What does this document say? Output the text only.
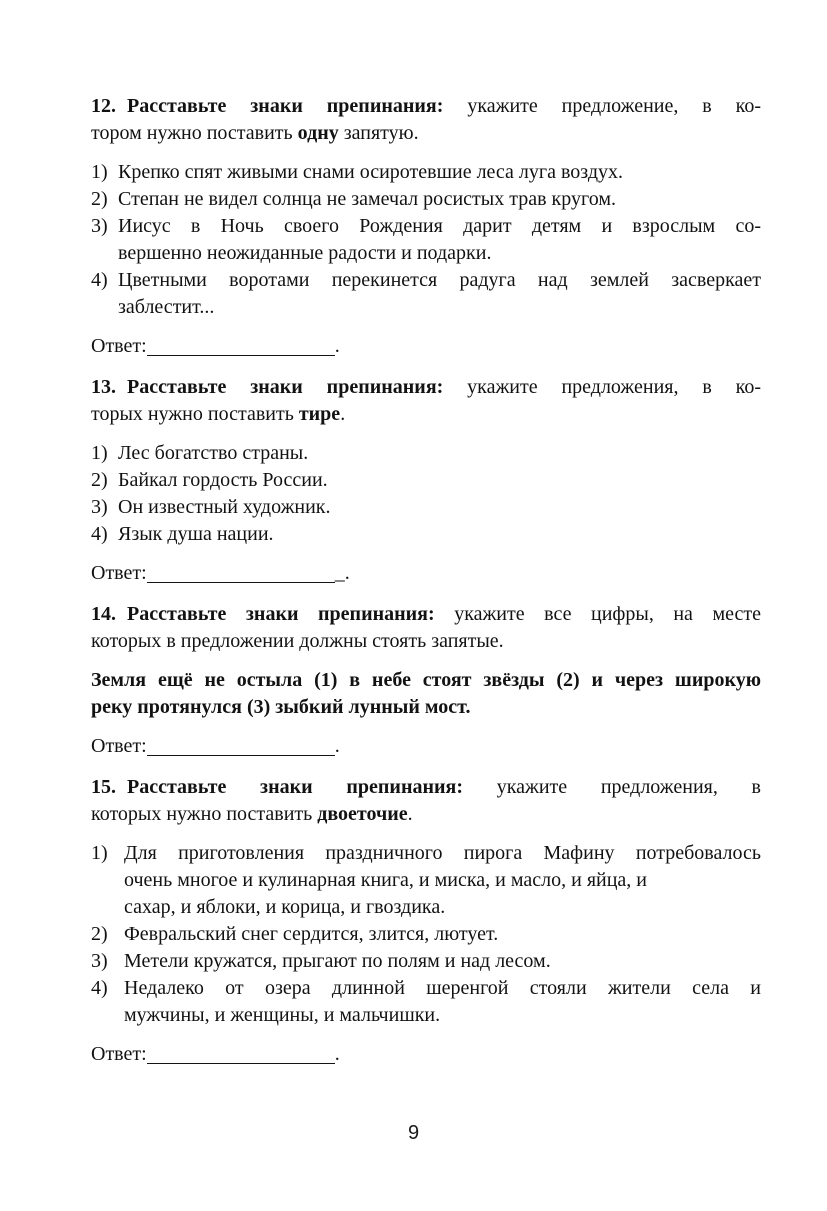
12. Расставьте знаки препинания: укажите предложение, в ко-
тором нужно поставить одну запятую.
1) Крепко спят живыми снами осиротевшие леса луга воздух.
2) Степан не видел солнца не замечал росистых трав кругом.
3) Иисус в Ночь своего Рождения дарит детям и взрослым со-
вершенно неожиданные радости и подарки.
4) Цветными воротами перекинется радуга над землей засверкает
заблестит...
Ответ:	.
13. Расставьте знаки препинания: укажите предложения, в ко-
торых нужно поставить тире.
1) Лес богатство страны.
2) Байкал гордость России.
3) Он известный художник.
4) Язык душа нации.
Ответ:	_.
14. Расставьте знаки препинания: укажите все цифры, на месте
которых в предложении должны стоять запятые.
Земля ещё не остыла (1) в небе стоят звёзды (2) и через широкую
реку протянулся (3) зыбкий лунный мост.
Ответ:	.
15. Расставьте знаки препинания: укажите предложения, в
которых нужно поставить двоеточие.
1) Для приготовления праздничного пирога Мафину потребовалось
очень многое и кулинарная книга, и миска, и масло, и яйца, и
сахар, и яблоки, и корица, и гвоздика.
2) Февральский снег сердится, злится, лютует.
3) Метели кружатся, прыгают по полям и над лесом.
4) Недалеко от озера длинной шеренгой стояли жители села и
мужчины, и женщины, и мальчишки.
Ответ:	.
9
